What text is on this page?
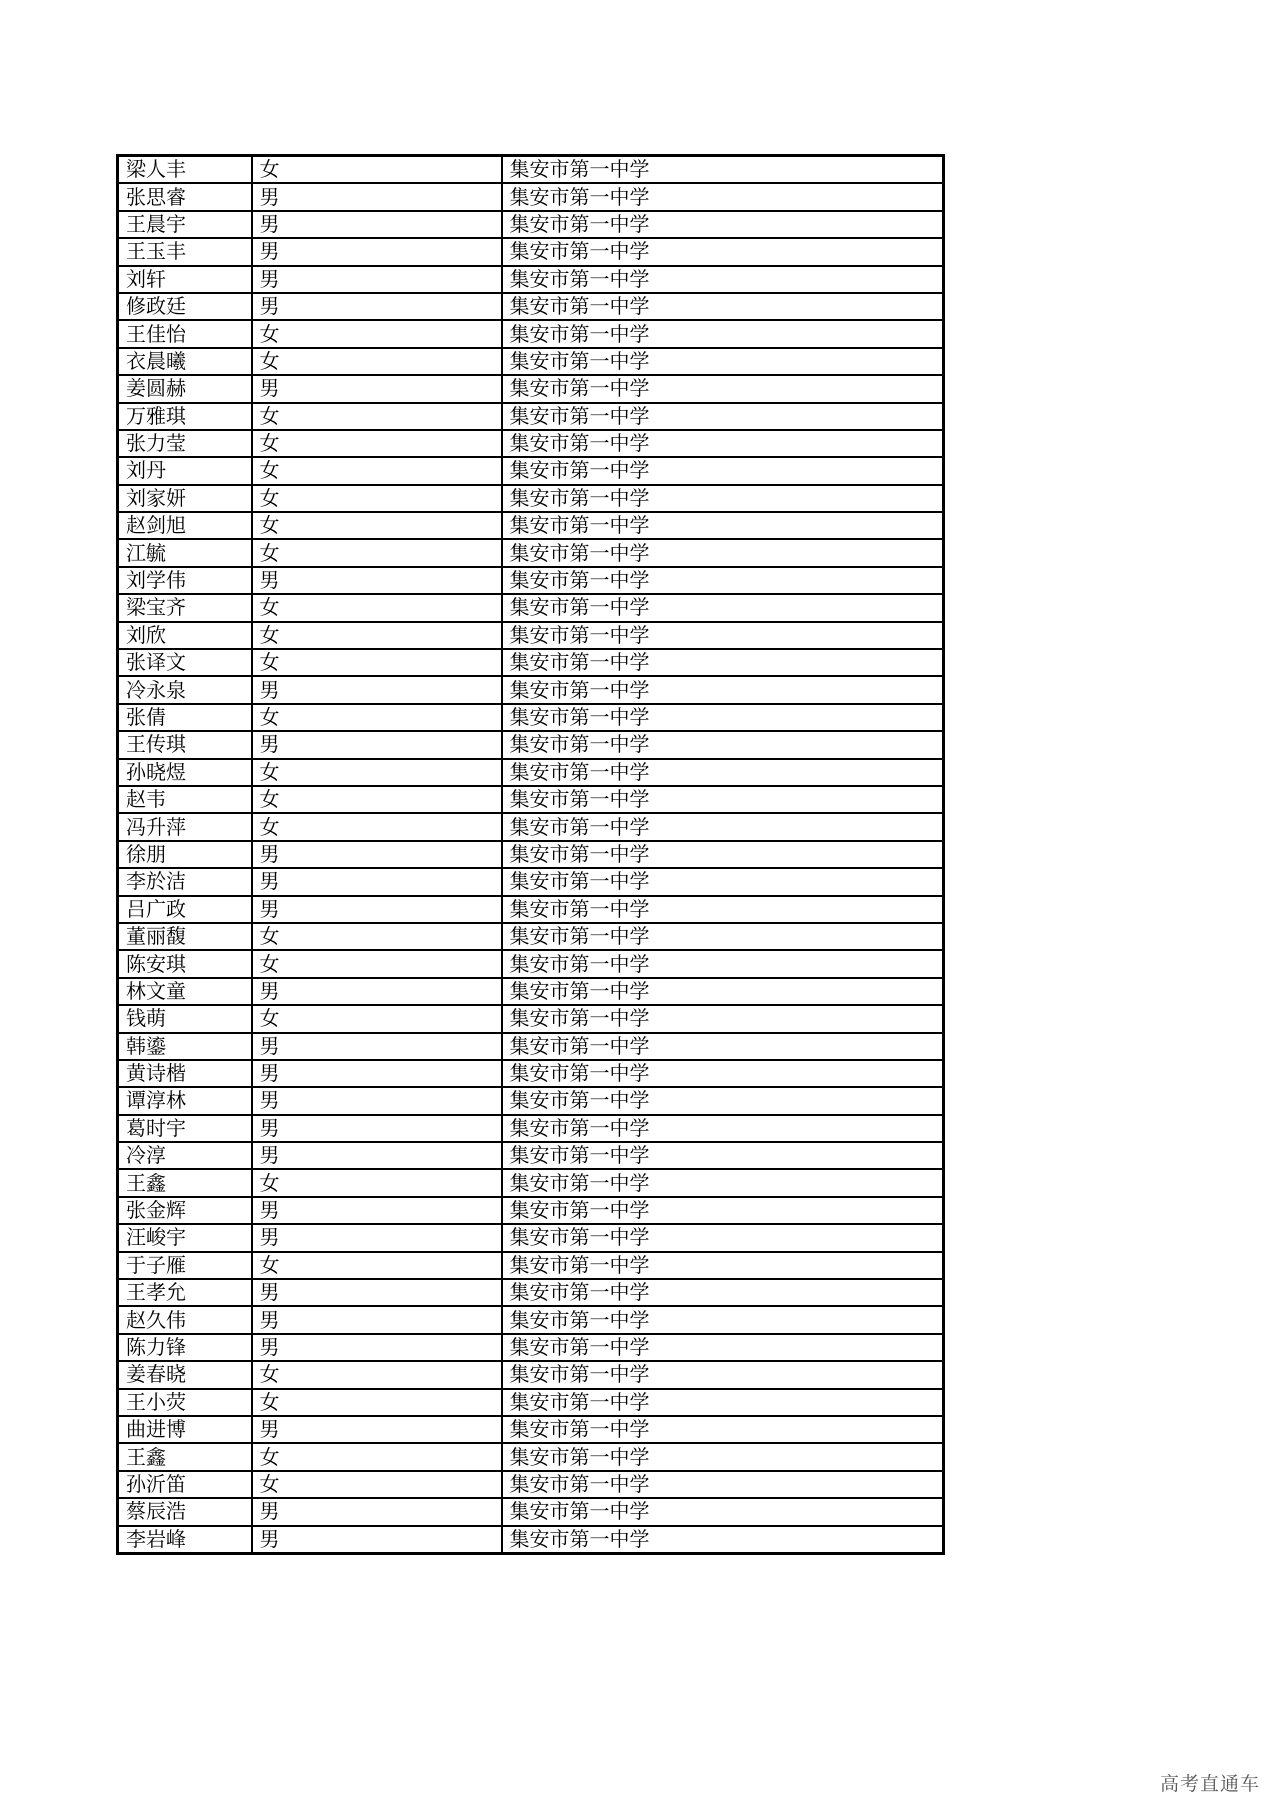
梁人丰	女	集安市第一中学
张思睿	男	集安市第一中学
王晨宇	男	集安市第一中学
王玉丰	男	集安市第一中学
刘轩	男	集安市第一中学
修政廷	男	集安市第一中学
王佳怡	女	集安市第一中学
衣晨曦	女	集安市第一中学
姜圆赫	男	集安市第一中学
万雅琪	女	集安市第一中学
张力莹	女	集安市第一中学
刘丹	女	集安市第一中学
刘家妍	女	集安市第一中学
赵剑旭	女	集安市第一中学
江毓	女	集安市第一中学
刘学伟	男	集安市第一中学
梁宝齐	女	集安市第一中学
刘欣	女	集安市第一中学
张译文	女	集安市第一中学
冷永泉	男	集安市第一中学
张倩	女	集安市第一中学
王传琪	男	集安市第一中学
孙晓煜	女	集安市第一中学
赵韦	女	集安市第一中学
冯升萍	女	集安市第一中学
徐朋	男	集安市第一中学
李於洁	男	集安市第一中学
吕广政	男	集安市第一中学
董丽馥	女	集安市第一中学
陈安琪	女	集安市第一中学
林文童	男	集安市第一中学
钱萌	女	集安市第一中学
韩鎏	男	集安市第一中学
黄诗楷	男	集安市第一中学
谭淳林	男	集安市第一中学
葛时宇	男	集安市第一中学
冷淳	男	集安市第一中学
王鑫	女	集安市第一中学
张金辉	男	集安市第一中学
汪峻宇	男	集安市第一中学
于子雁	女	集安市第一中学
王孝允	男	集安市第一中学
赵久伟	男	集安市第一中学
陈力锋	男	集安市第一中学
姜春晓	女	集安市第一中学
王小荧	女	集安市第一中学
曲进博	男	集安市第一中学
王鑫	女	集安市第一中学
孙沂笛	女	集安市第一中学
蔡辰浩	男	集安市第一中学
李岩峰	男	集安市第一中学
高考直通车
